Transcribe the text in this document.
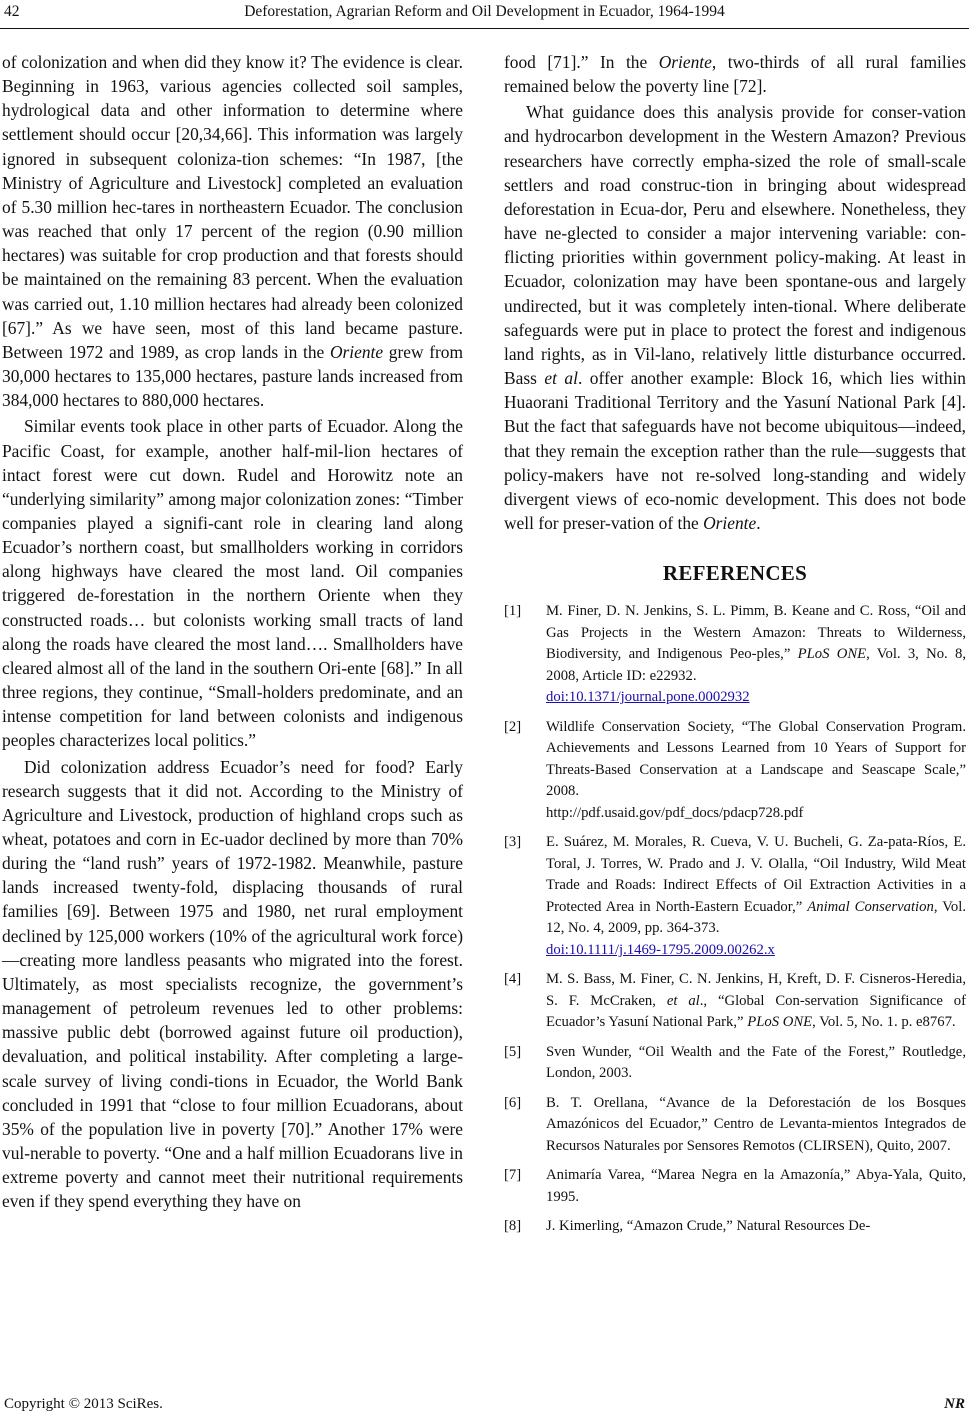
42	Deforestation, Agrarian Reform and Oil Development in Ecuador, 1964-1994

of colonization and when did they know it? The evidence is clear. Beginning in 1963, various agencies collected soil samples, hydrological data and other information to determine where settlement should occur [20,34,66]. This information was largely ignored in subsequent coloniza-tion schemes: “In 1987, [the Ministry of Agriculture and Livestock] completed an evaluation of 5.30 million hec-tares in northeastern Ecuador. The conclusion was reached that only 17 percent of the region (0.90 million hectares) was suitable for crop production and that forests should be maintained on the remaining 83 percent. When the evaluation was carried out, 1.10 million hectares had already been colonized [67].” As we have seen, most of this land became pasture. Between 1972 and 1989, as crop lands in the Oriente grew from 30,000 hectares to 135,000 hectares, pasture lands increased from 384,000 hectares to 880,000 hectares.

Similar events took place in other parts of Ecuador. Along the Pacific Coast, for example, another half-mil-lion hectares of intact forest were cut down. Rudel and Horowitz note an “underlying similarity” among major colonization zones: “Timber companies played a signifi-cant role in clearing land along Ecuador’s northern coast, but smallholders working in corridors along highways have cleared the most land. Oil companies triggered de-forestation in the northern Oriente when they constructed roads… but colonists working small tracts of land along the roads have cleared the most land…. Smallholders have cleared almost all of the land in the southern Ori-ente [68].” In all three regions, they continue, “Small-holders predominate, and an intense competition for land between colonists and indigenous peoples characterizes local politics.”

Did colonization address Ecuador’s need for food? Early research suggests that it did not. According to the Ministry of Agriculture and Livestock, production of highland crops such as wheat, potatoes and corn in Ec-uador declined by more than 70% during the “land rush” years of 1972-1982. Meanwhile, pasture lands increased twenty-fold, displacing thousands of rural families [69]. Between 1975 and 1980, net rural employment declined by 125,000 workers (10% of the agricultural work force)—creating more landless peasants who migrated into the forest. Ultimately, as most specialists recognize, the government’s management of petroleum revenues led to other problems: massive public debt (borrowed against future oil production), devaluation, and political instability. After completing a large-scale survey of living condi-tions in Ecuador, the World Bank concluded in 1991 that “close to four million Ecuadorans, about 35% of the population live in poverty [70].” Another 17% were vul-nerable to poverty. “One and a half million Ecuadorans live in extreme poverty and cannot meet their nutritional requirements even if they spend everything they have on

food [71].” In the Oriente, two-thirds of all rural families remained below the poverty line [72].

What guidance does this analysis provide for conser-vation and hydrocarbon development in the Western Amazon? Previous researchers have correctly empha-sized the role of small-scale settlers and road construc-tion in bringing about widespread deforestation in Ecua-dor, Peru and elsewhere. Nonetheless, they have ne-glected to consider a major intervening variable: con-flicting priorities within government policy-making. At least in Ecuador, colonization may have been spontane-ous and largely undirected, but it was completely inten-tional. Where deliberate safeguards were put in place to protect the forest and indigenous land rights, as in Vil-lano, relatively little disturbance occurred. Bass et al. offer another example: Block 16, which lies within Huaorani Traditional Territory and the Yasuní National Park [4]. But the fact that safeguards have not become ubiquitous—indeed, that they remain the exception rather than the rule—suggests that policy-makers have not re-solved long-standing and widely divergent views of eco-nomic development. This does not bode well for preser-vation of the Oriente.

REFERENCES
[1]	M. Finer, D. N. Jenkins, S. L. Pimm, B. Keane and C. Ross, “Oil and Gas Projects in the Western Amazon: Threats to Wilderness, Biodiversity, and Indigenous Peo-ples,” PLoS ONE, Vol. 3, No. 8, 2008, Article ID: e22932.
doi:10.1371/journal.pone.0002932
[2]	Wildlife Conservation Society, “The Global Conservation Program. Achievements and Lessons Learned from 10 Years of Support for Threats-Based Conservation at a Landscape and Seascape Scale,” 2008.
http://pdf.usaid.gov/pdf_docs/pdacp728.pdf
[3]	E. Suárez, M. Morales, R. Cueva, V. U. Bucheli, G. Za-pata-Ríos, E. Toral, J. Torres, W. Prado and J. V. Olalla, “Oil Industry, Wild Meat Trade and Roads: Indirect Effects of Oil Extraction Activities in a Protected Area in North-Eastern Ecuador,” Animal Conservation, Vol. 12, No. 4, 2009, pp. 364-373.
doi:10.1111/j.1469-1795.2009.00262.x
[4]	M. S. Bass, M. Finer, C. N. Jenkins, H, Kreft, D. F. Cisneros-Heredia, S. F. McCraken, et al., “Global Con-servation Significance of Ecuador’s Yasuní National Park,” PLoS ONE, Vol. 5, No. 1. p. e8767.
[5]	Sven Wunder, “Oil Wealth and the Fate of the Forest,” Routledge, London, 2003.
[6]	B. T. Orellana, “Avance de la Deforestación de los Bosques Amazónicos del Ecuador,” Centro de Levanta-mientos Integrados de Recursos Naturales por Sensores Remotos (CLIRSEN), Quito, 2007.
[7]	Animaría Varea, “Marea Negra en la Amazonía,” Abya-Yala, Quito, 1995.
[8]	J. Kimerling, “Amazon Crude,” Natural Resources De-
Copyright © 2013 SciRes.	NR
